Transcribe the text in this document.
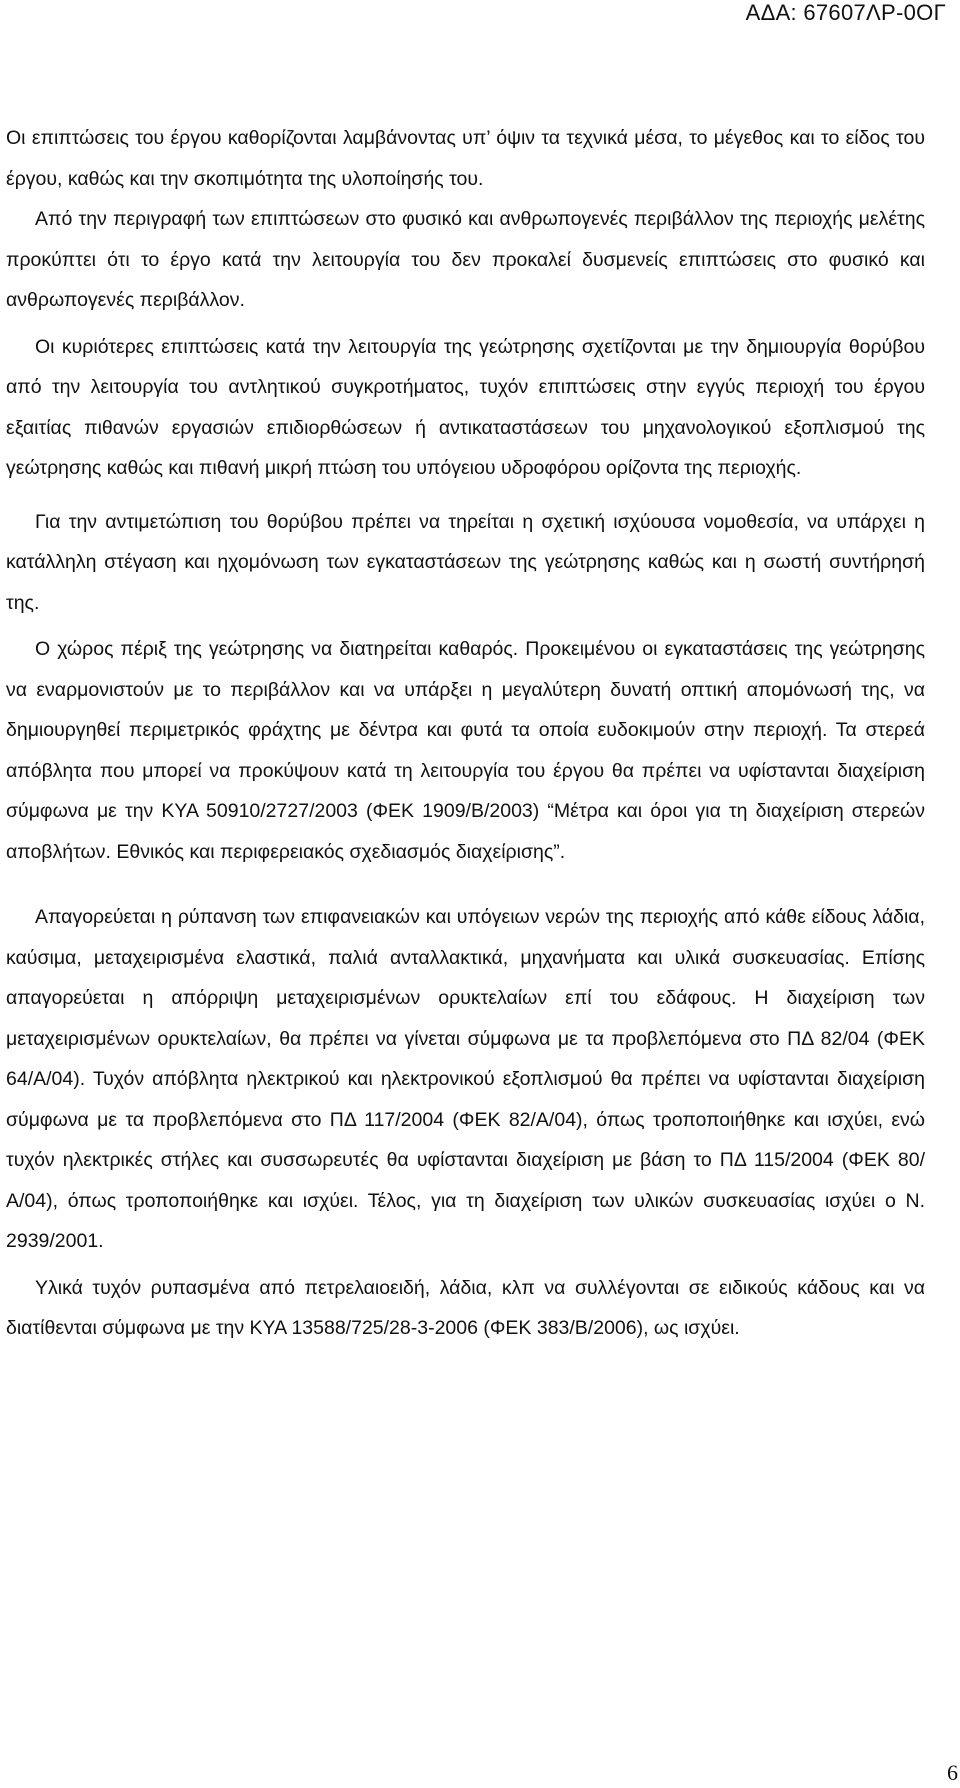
ΑΔΑ: 67607ΛΡ-0ΟΓ

Οι επιπτώσεις του έργου καθορίζονται λαμβάνοντας υπ’ όψιν τα τεχνικά μέσα, το μέγεθος και το είδος του έργου, καθώς και την σκοπιμότητα της υλοποίησής του.

Από την περιγραφή των επιπτώσεων στο φυσικό και ανθρωπογενές περιβάλλον της περιοχής μελέτης προκύπτει ότι το έργο κατά την λειτουργία του δεν προκαλεί δυσμενείς επιπτώσεις στο φυσικό και ανθρωπογενές περιβάλλον.

Οι κυριότερες επιπτώσεις κατά την λειτουργία της γεώτρησης σχετίζονται με την δημιουργία θορύβου από την λειτουργία του αντλητικού συγκροτήματος, τυχόν επιπτώσεις στην εγγύς περιοχή του έργου εξαιτίας πιθανών εργασιών επιδιορθώσεων ή αντικαταστάσεων του μηχανολογικού εξοπλισμού της γεώτρησης καθώς και πιθανή μικρή πτώση του υπόγειου υδροφόρου ορίζοντα της περιοχής.

Για την αντιμετώπιση του θορύβου πρέπει να τηρείται η σχετική ισχύουσα νομοθεσία, να υπάρχει η κατάλληλη στέγαση και ηχομόνωση των εγκαταστάσεων της γεώτρησης καθώς και η σωστή συντήρησή της.

Ο χώρος πέριξ της γεώτρησης να διατηρείται καθαρός. Προκειμένου οι εγκαταστάσεις της γεώτρησης να εναρμονιστούν με το περιβάλλον και να υπάρξει η μεγαλύτερη δυνατή οπτική απομόνωσή της, να δημιουργηθεί περιμετρικός φράχτης με δέντρα και φυτά τα οποία ευδοκιμούν στην περιοχή. Τα στερεά απόβλητα που μπορεί να προκύψουν κατά τη λειτουργία του έργου θα πρέπει να υφίστανται διαχείριση σύμφωνα με την ΚΥΑ 50910/2727/2003 (ΦΕΚ 1909/Β/2003) “Μέτρα και όροι για τη διαχείριση στερεών αποβλήτων. Εθνικός και περιφερειακός σχεδιασμός διαχείρισης”.

Απαγορεύεται η ρύπανση των επιφανειακών και υπόγειων νερών της περιοχής από κάθε είδους λάδια, καύσιμα, μεταχειρισμένα ελαστικά, παλιά ανταλλακτικά, μηχανήματα και υλικά συσκευασίας. Επίσης απαγορεύεται η απόρριψη μεταχειρισμένων ορυκτελαίων επί του εδάφους. Η διαχείριση των μεταχειρισμένων ορυκτελαίων, θα πρέπει να γίνεται σύμφωνα με τα προβλεπόμενα στο ΠΔ 82/04 (ΦΕΚ 64/Α/04). Τυχόν απόβλητα ηλεκτρικού και ηλεκτρονικού εξοπλισμού θα πρέπει να υφίστανται διαχείριση σύμφωνα με τα προβλεπόμενα στο ΠΔ 117/2004 (ΦΕΚ 82/Α/04), όπως τροποποιήθηκε και ισχύει, ενώ τυχόν ηλεκτρικές στήλες και συσσωρευτές θα υφίστανται διαχείριση με βάση το ΠΔ 115/2004 (ΦΕΚ 80/Α/04), όπως τροποποιήθηκε και ισχύει. Τέλος, για τη διαχείριση των υλικών συσκευασίας ισχύει ο Ν. 2939/2001.

Υλικά τυχόν ρυπασμένα από πετρελαιοειδή, λάδια, κλπ να συλλέγονται σε ειδικούς κάδους και να διατίθενται σύμφωνα με την ΚΥΑ 13588/725/28-3-2006 (ΦΕΚ 383/Β/2006), ως ισχύει.

6
